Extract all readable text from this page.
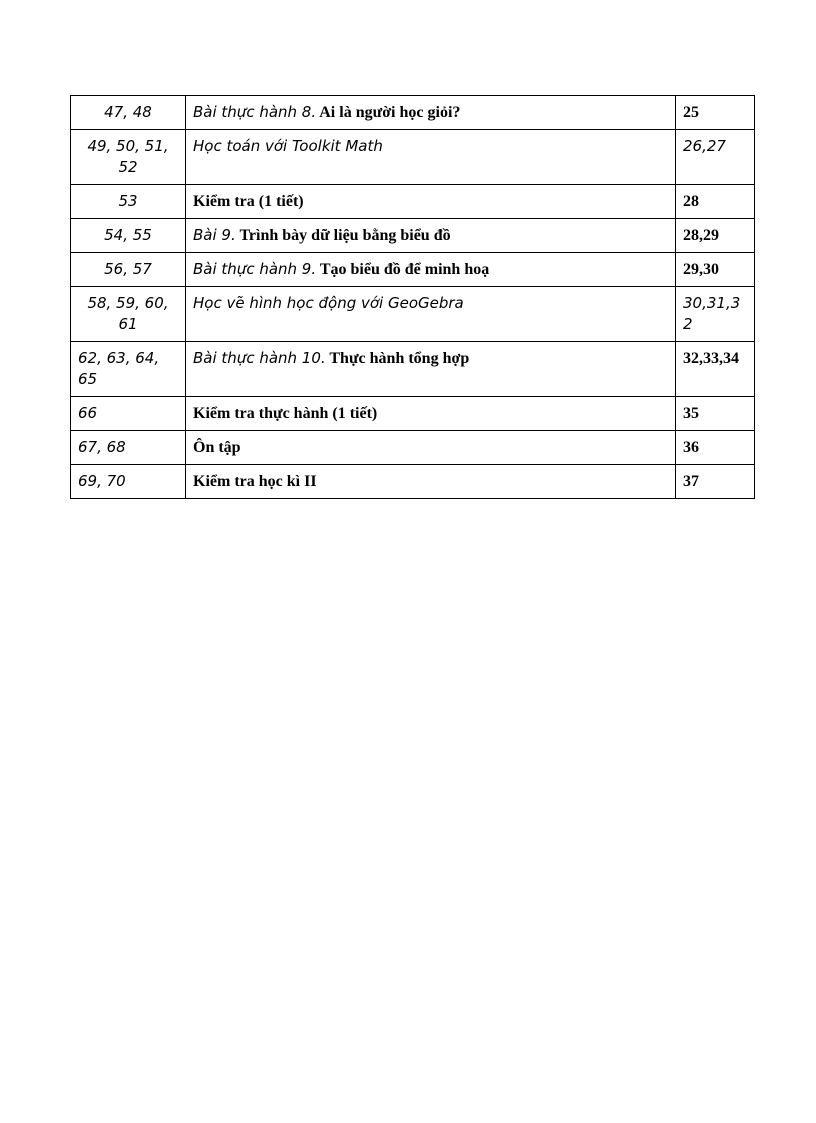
47, 48	Bài thực hành 8. Ai là người học giỏi?	25
49, 50, 51, 52	Học toán với Toolkit Math	26,27
53	Kiểm tra (1 tiết)	28
54, 55	Bài 9. Trình bày dữ liệu bằng biểu đồ	28,29
56, 57	Bài thực hành 9. Tạo biểu đồ để minh hoạ	29,30
58, 59, 60, 61	Học vẽ hình học động với GeoGebra	30,31,32
62, 63, 64, 65	Bài thực hành 10. Thực hành tổng hợp	32,33,34
66	Kiểm tra thực hành (1 tiết)	35
67, 68	Ôn tập	36
69, 70	Kiểm tra học kì II	37
